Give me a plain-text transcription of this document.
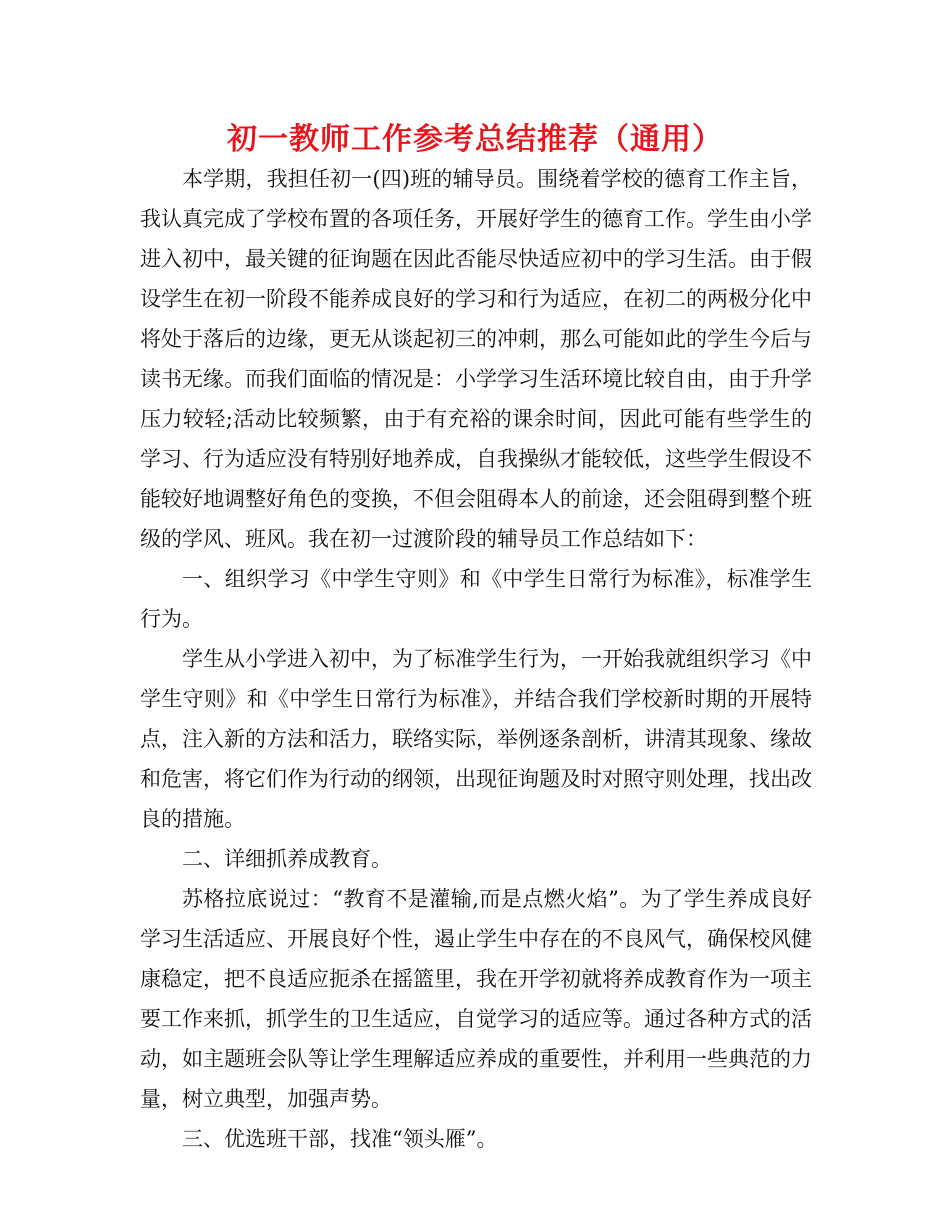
初一教师工作参考总结推荐（通用）

本学期，我担任初一(四)班的辅导员。围绕着学校的德育工作主旨，我认真完成了学校布置的各项任务，开展好学生的德育工作。学生由小学进入初中，最关键的征询题在因此否能尽快适应初中的学习生活。由于假设学生在初一阶段不能养成良好的学习和行为适应，在初二的两极分化中将处于落后的边缘，更无从谈起初三的冲刺，那么可能如此的学生今后与读书无缘。而我们面临的情况是：小学学习生活环境比较自由，由于升学压力较轻;活动比较频繁，由于有充裕的课余时间，因此可能有些学生的学习、行为适应没有特别好地养成，自我操纵才能较低，这些学生假设不能较好地调整好角色的变换，不但会阻碍本人的前途，还会阻碍到整个班级的学风、班风。我在初一过渡阶段的辅导员工作总结如下：

一、组织学习《中学生守则》和《中学生日常行为标准》，标准学生行为。

学生从小学进入初中，为了标准学生行为，一开始我就组织学习《中学生守则》和《中学生日常行为标准》，并结合我们学校新时期的开展特点，注入新的方法和活力，联络实际，举例逐条剖析，讲清其现象、缘故和危害，将它们作为行动的纲领，出现征询题及时对照守则处理，找出改良的措施。

二、详细抓养成教育。

苏格拉底说过：“教育不是灌输,而是点燃火焰”。为了学生养成良好学习生活适应、开展良好个性，遏止学生中存在的不良风气，确保校风健康稳定，把不良适应扼杀在摇篮里，我在开学初就将养成教育作为一项主要工作来抓，抓学生的卫生适应，自觉学习的适应等。通过各种方式的活动，如主题班会队等让学生理解适应养成的重要性，并利用一些典范的力量，树立典型，加强声势。

三、优选班干部，找准“领头雁”。
